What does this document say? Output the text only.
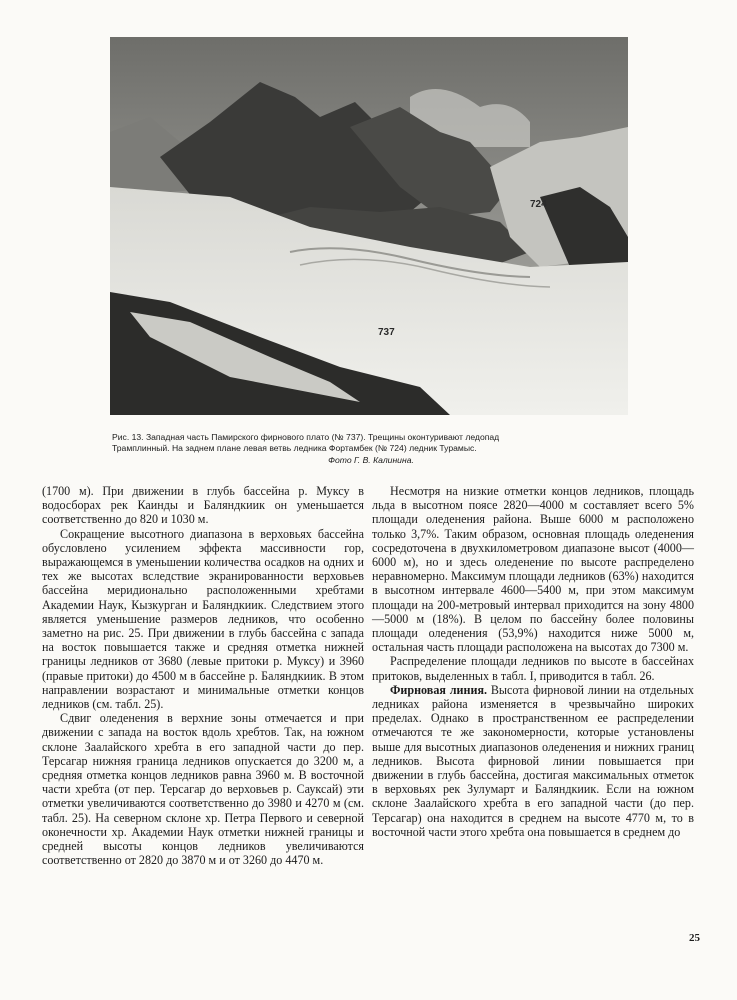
724
737
Рис. 13. Западная часть Памирского фирнового плато (№ 737). Трещины оконтуривают ледопад
Трамплинный. На заднем плане левая ветвь ледника Фортамбек (№ 724) ледник Турамыс.
Фото Г. В. Калинина.

(1700 м). При движении в глубь бассейна р. Муксу в водосборах рек Каинды и Баляндкиик он уменьшается соответственно до 820 и 1030 м.

Сокращение высотного диапазона в верховьях бассейна обусловлено усилением эффекта массивности гор, выражающемся в уменьшении количества осадков на одних и тех же высотах вследствие экранированности верховьев бассейна меридионально расположенными хребтами Академии Наук, Кызкурган и Баляндкиик. Следствием этого является уменьшение размеров ледников, что особенно заметно на рис. 25. При движении в глубь бассейна с запада на восток повышается также и средняя отметка нижней границы ледников от 3680 (левые притоки р. Муксу) и 3960 (правые притоки) до 4500 м в бассейне р. Баляндкиик. В этом направлении возрастают и минимальные отметки концов ледников (см. табл. 25).

Сдвиг оледенения в верхние зоны отмечается и при движении с запада на восток вдоль хребтов. Так, на южном склоне Заалайского хребта в его западной части до пер. Терсагар нижняя граница ледников опускается до 3200 м, а средняя отметка концов ледников равна 3960 м. В восточной части хребта (от пер. Терсагар до верховьев р. Сауксай) эти отметки увеличиваются соответственно до 3980 и 4270 м (см. табл. 25). На северном склоне хр. Петра Первого и северной оконечности хр. Академии Наук отметки нижней границы и средней высоты концов ледников увеличиваются соответственно от 2820 до 3870 м и от 3260 до 4470 м.

Несмотря на низкие отметки концов ледников, площадь льда в высотном поясе 2820—4000 м составляет всего 5% площади оледенения района. Выше 6000 м расположено только 3,7%. Таким образом, основная площадь оледенения сосредоточена в двухкилометровом диапазоне высот (4000—6000 м), но и здесь оледенение по высоте распределено неравномерно. Максимум площади ледников (63%) находится в высотном интервале 4600—5400 м, при этом максимум площади на 200-метровый интервал приходится на зону 4800—5000 м (18%). В целом по бассейну более половины площади оледенения (53,9%) находится ниже 5000 м, остальная часть площади расположена на высотах до 7300 м.

Распределение площади ледников по высоте в бассейнах притоков, выделенных в табл. I, приводится в табл. 26.

Фирновая линия. Высота фирновой линии на отдельных ледниках района изменяется в чрезвычайно широких пределах. Однако в пространственном ее распределении отмечаются те же закономерности, которые установлены выше для высотных диапазонов оледенения и нижних границ ледников. Высота фирновой линии повышается при движении в глубь бассейна, достигая максимальных отметок в верховьях рек Зулумарт и Баляндкиик. Если на южном склоне Заалайского хребта в его западной части (до пер. Терсагар) она находится в среднем на высоте 4770 м, то в восточной части этого хребта она повышается в среднем до

25
